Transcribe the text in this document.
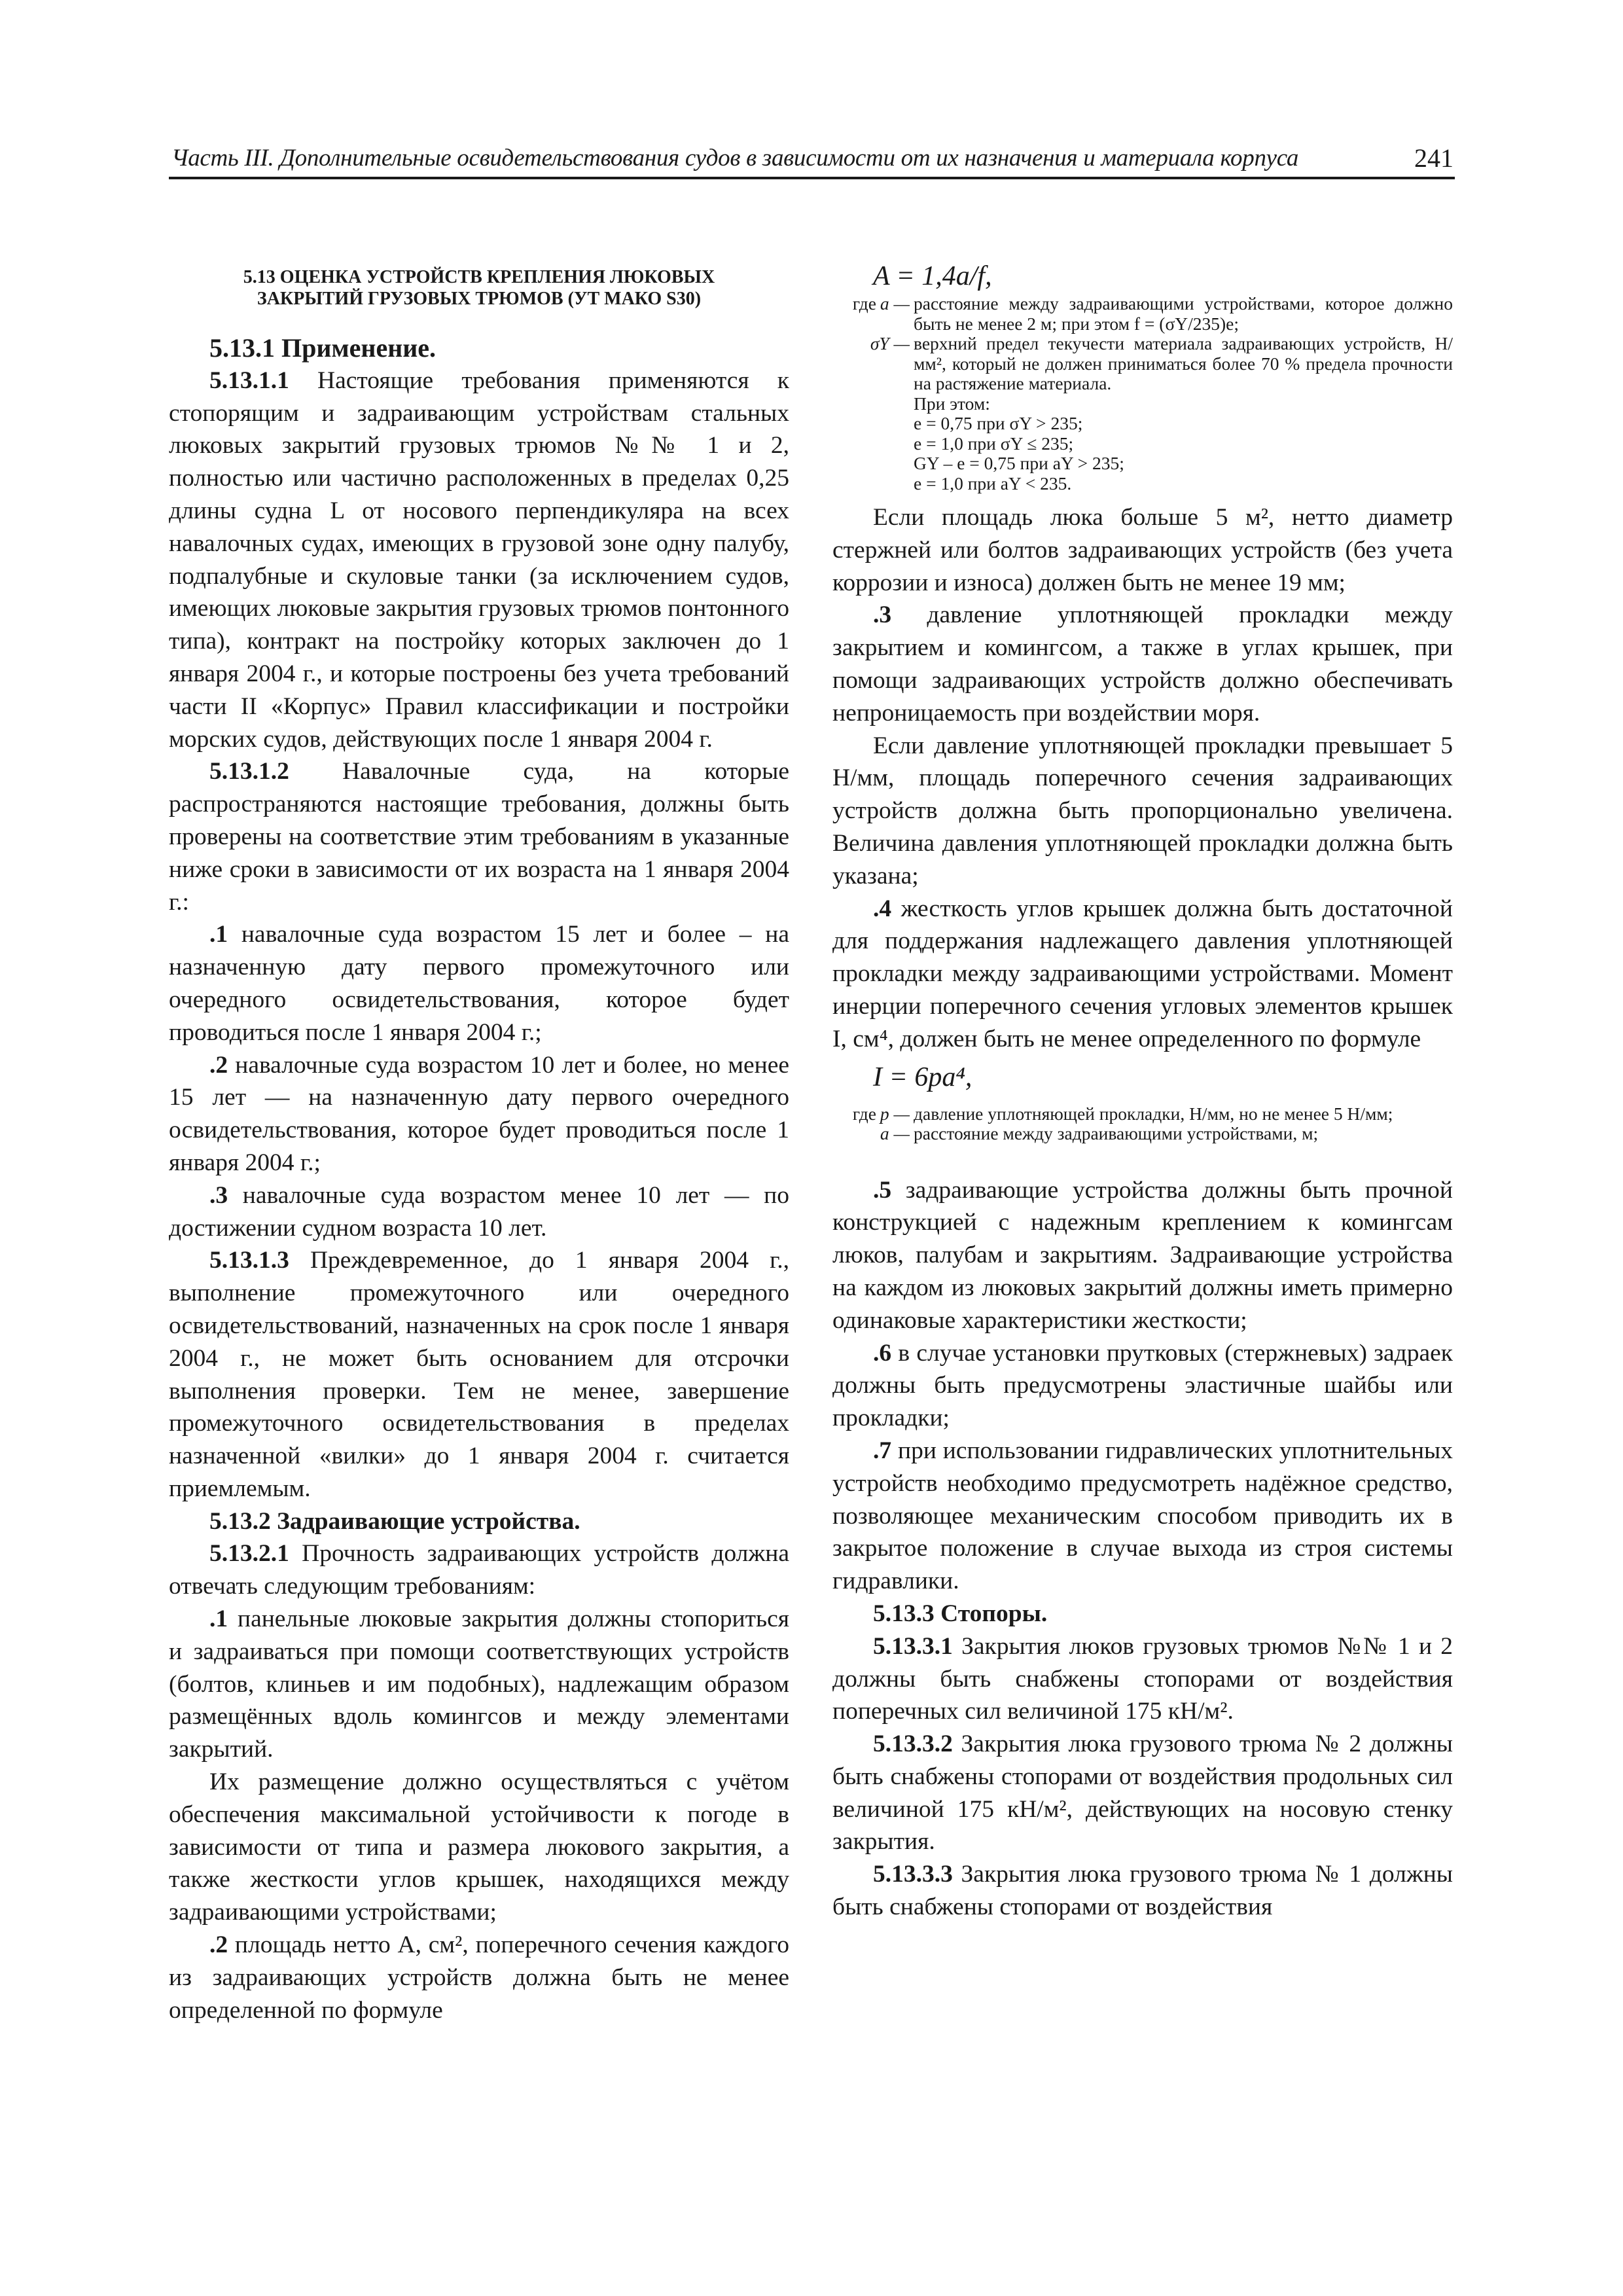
Часть III. Дополнительные освидетельствования судов в зависимости от их назначения и материала корпуса	241
5.13 ОЦЕНКА УСТРОЙСТВ КРЕПЛЕНИЯ ЛЮКОВЫХ
ЗАКРЫТИЙ ГРУЗОВЫХ ТРЮМОВ (УТ МАКО S30)

5.13.1 Применение.

5.13.1.1 Настоящие требования применяются к стопорящим и задраивающим устройствам стальных люковых закрытий грузовых трюмов №№ 1 и 2, полностью или частично расположенных в пределах 0,25 длины судна L от носового перпендикуляра на всех навалочных судах, имеющих в грузовой зоне одну палубу, подпалубные и скуловые танки (за исключением судов, имеющих люковые закрытия грузовых трюмов понтонного типа), контракт на постройку которых заключен до 1 января 2004 г., и которые построены без учета требований части II «Корпус» Правил классификации и постройки морских судов, действующих после 1 января 2004 г.

5.13.1.2 Навалочные суда, на которые распространяются настоящие требования, должны быть проверены на соответствие этим требованиям в указанные ниже сроки в зависимости от их возраста на 1 января 2004 г.:

.1 навалочные суда возрастом 15 лет и более – на назначенную дату первого промежуточного или очередного освидетельствования, которое будет проводиться после 1 января 2004 г.;

.2 навалочные суда возрастом 10 лет и более, но менее 15 лет — на назначенную дату первого очередного освидетельствования, которое будет проводиться после 1 января 2004 г.;

.3 навалочные суда возрастом менее 10 лет — по достижении судном возраста 10 лет.

5.13.1.3 Преждевременное, до 1 января 2004 г., выполнение промежуточного или очередного освидетельствований, назначенных на срок после 1 января 2004 г., не может быть основанием для отсрочки выполнения проверки. Тем не менее, завершение промежуточного освидетельствования в пределах назначенной «вилки» до 1 января 2004 г. считается приемлемым.

5.13.2 Задраивающие устройства.

5.13.2.1 Прочность задраивающих устройств должна отвечать следующим требованиям:

.1 панельные люковые закрытия должны стопориться и задраиваться при помощи соответствующих устройств (болтов, клиньев и им подобных), надлежащим образом размещённых вдоль комингсов и между элементами закрытий.

Их размещение должно осуществляться с учётом обеспечения максимальной устойчивости к погоде в зависимости от типа и размера люкового закрытия, а также жесткости углов крышек, находящихся между задраивающими устройствами;

.2 площадь нетто A, см², поперечного сечения каждого из задраивающих устройств должна быть не менее определенной по формуле

A = 1,4a/f,

где a — расстояние между задраивающими устройствами, которое должно быть не менее 2 м; при этом f = (σY/235)e;
σY — верхний предел текучести материала задраивающих устройств, Н/мм², который не должен приниматься более 70 % предела прочности на растяжение материала.
При этом:
e = 0,75 при σY > 235;
e = 1,0 при σY ≤ 235;
GY – e = 0,75 при aY > 235;
e = 1,0 при aY < 235.

Если площадь люка больше 5 м², нетто диаметр стержней или болтов задраивающих устройств (без учета коррозии и износа) должен быть не менее 19 мм;

.3 давление уплотняющей прокладки между закрытием и комингсом, а также в углах крышек, при помощи задраивающих устройств должно обеспечивать непроницаемость при воздействии моря.

Если давление уплотняющей прокладки превышает 5 Н/мм, площадь поперечного сечения задраивающих устройств должна быть пропорционально увеличена. Величина давления уплотняющей прокладки должна быть указана;

.4 жесткость углов крышек должна быть достаточной для поддержания надлежащего давления уплотняющей прокладки между задраивающими устройствами. Момент инерции поперечного сечения угловых элементов крышек I, см⁴, должен быть не менее определенного по формуле

I = 6pa⁴,

где p — давление уплотняющей прокладки, Н/мм, но не менее 5 Н/мм;
a — расстояние между задраивающими устройствами, м;

.5 задраивающие устройства должны быть прочной конструкцией с надежным креплением к комингсам люков, палубам и закрытиям. Задраивающие устройства на каждом из люковых закрытий должны иметь примерно одинаковые характеристики жесткости;

.6 в случае установки прутковых (стержневых) задраек должны быть предусмотрены эластичные шайбы или прокладки;

.7 при использовании гидравлических уплотнительных устройств необходимо предусмотреть надёжное средство, позволяющее механическим способом приводить их в закрытое положение в случае выхода из строя системы гидравлики.

5.13.3 Стопоры.

5.13.3.1 Закрытия люков грузовых трюмов №№ 1 и 2 должны быть снабжены стопорами от воздействия поперечных сил величиной 175 кН/м².

5.13.3.2 Закрытия люка грузового трюма № 2 должны быть снабжены стопорами от воздействия продольных сил величиной 175 кН/м², действующих на носовую стенку закрытия.

5.13.3.3 Закрытия люка грузового трюма № 1 должны быть снабжены стопорами от воздействия
